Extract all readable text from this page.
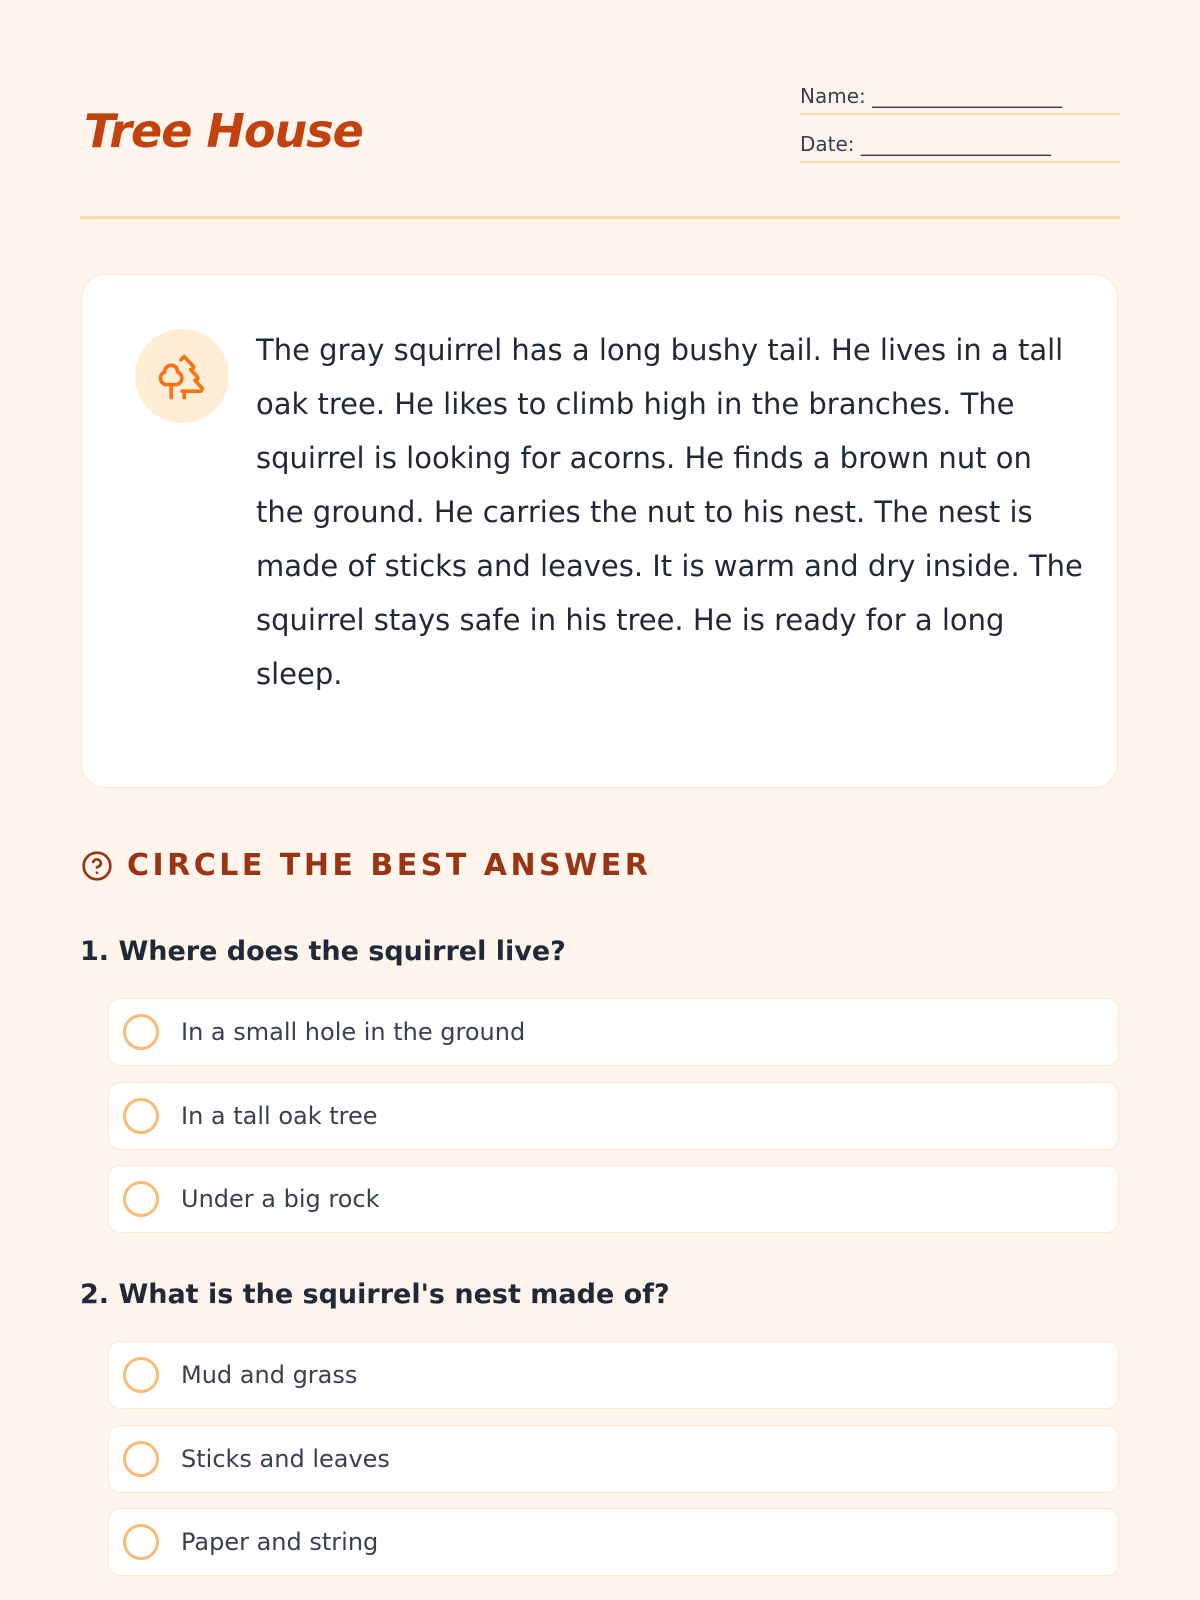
Tree House
Name: ___________________
Date: ___________________

The gray squirrel has a long bushy tail. He lives in a tall oak tree. He likes to climb high in the branches. The squirrel is looking for acorns. He finds a brown nut on the ground. He carries the nut to his nest. The nest is made of sticks and leaves. It is warm and dry inside. The squirrel stays safe in his tree. He is ready for a long sleep.

CIRCLE THE BEST ANSWER

1. Where does the squirrel live?

In a small hole in the ground
In a tall oak tree
Under a big rock

2. What is the squirrel's nest made of?

Mud and grass
Sticks and leaves
Paper and string
